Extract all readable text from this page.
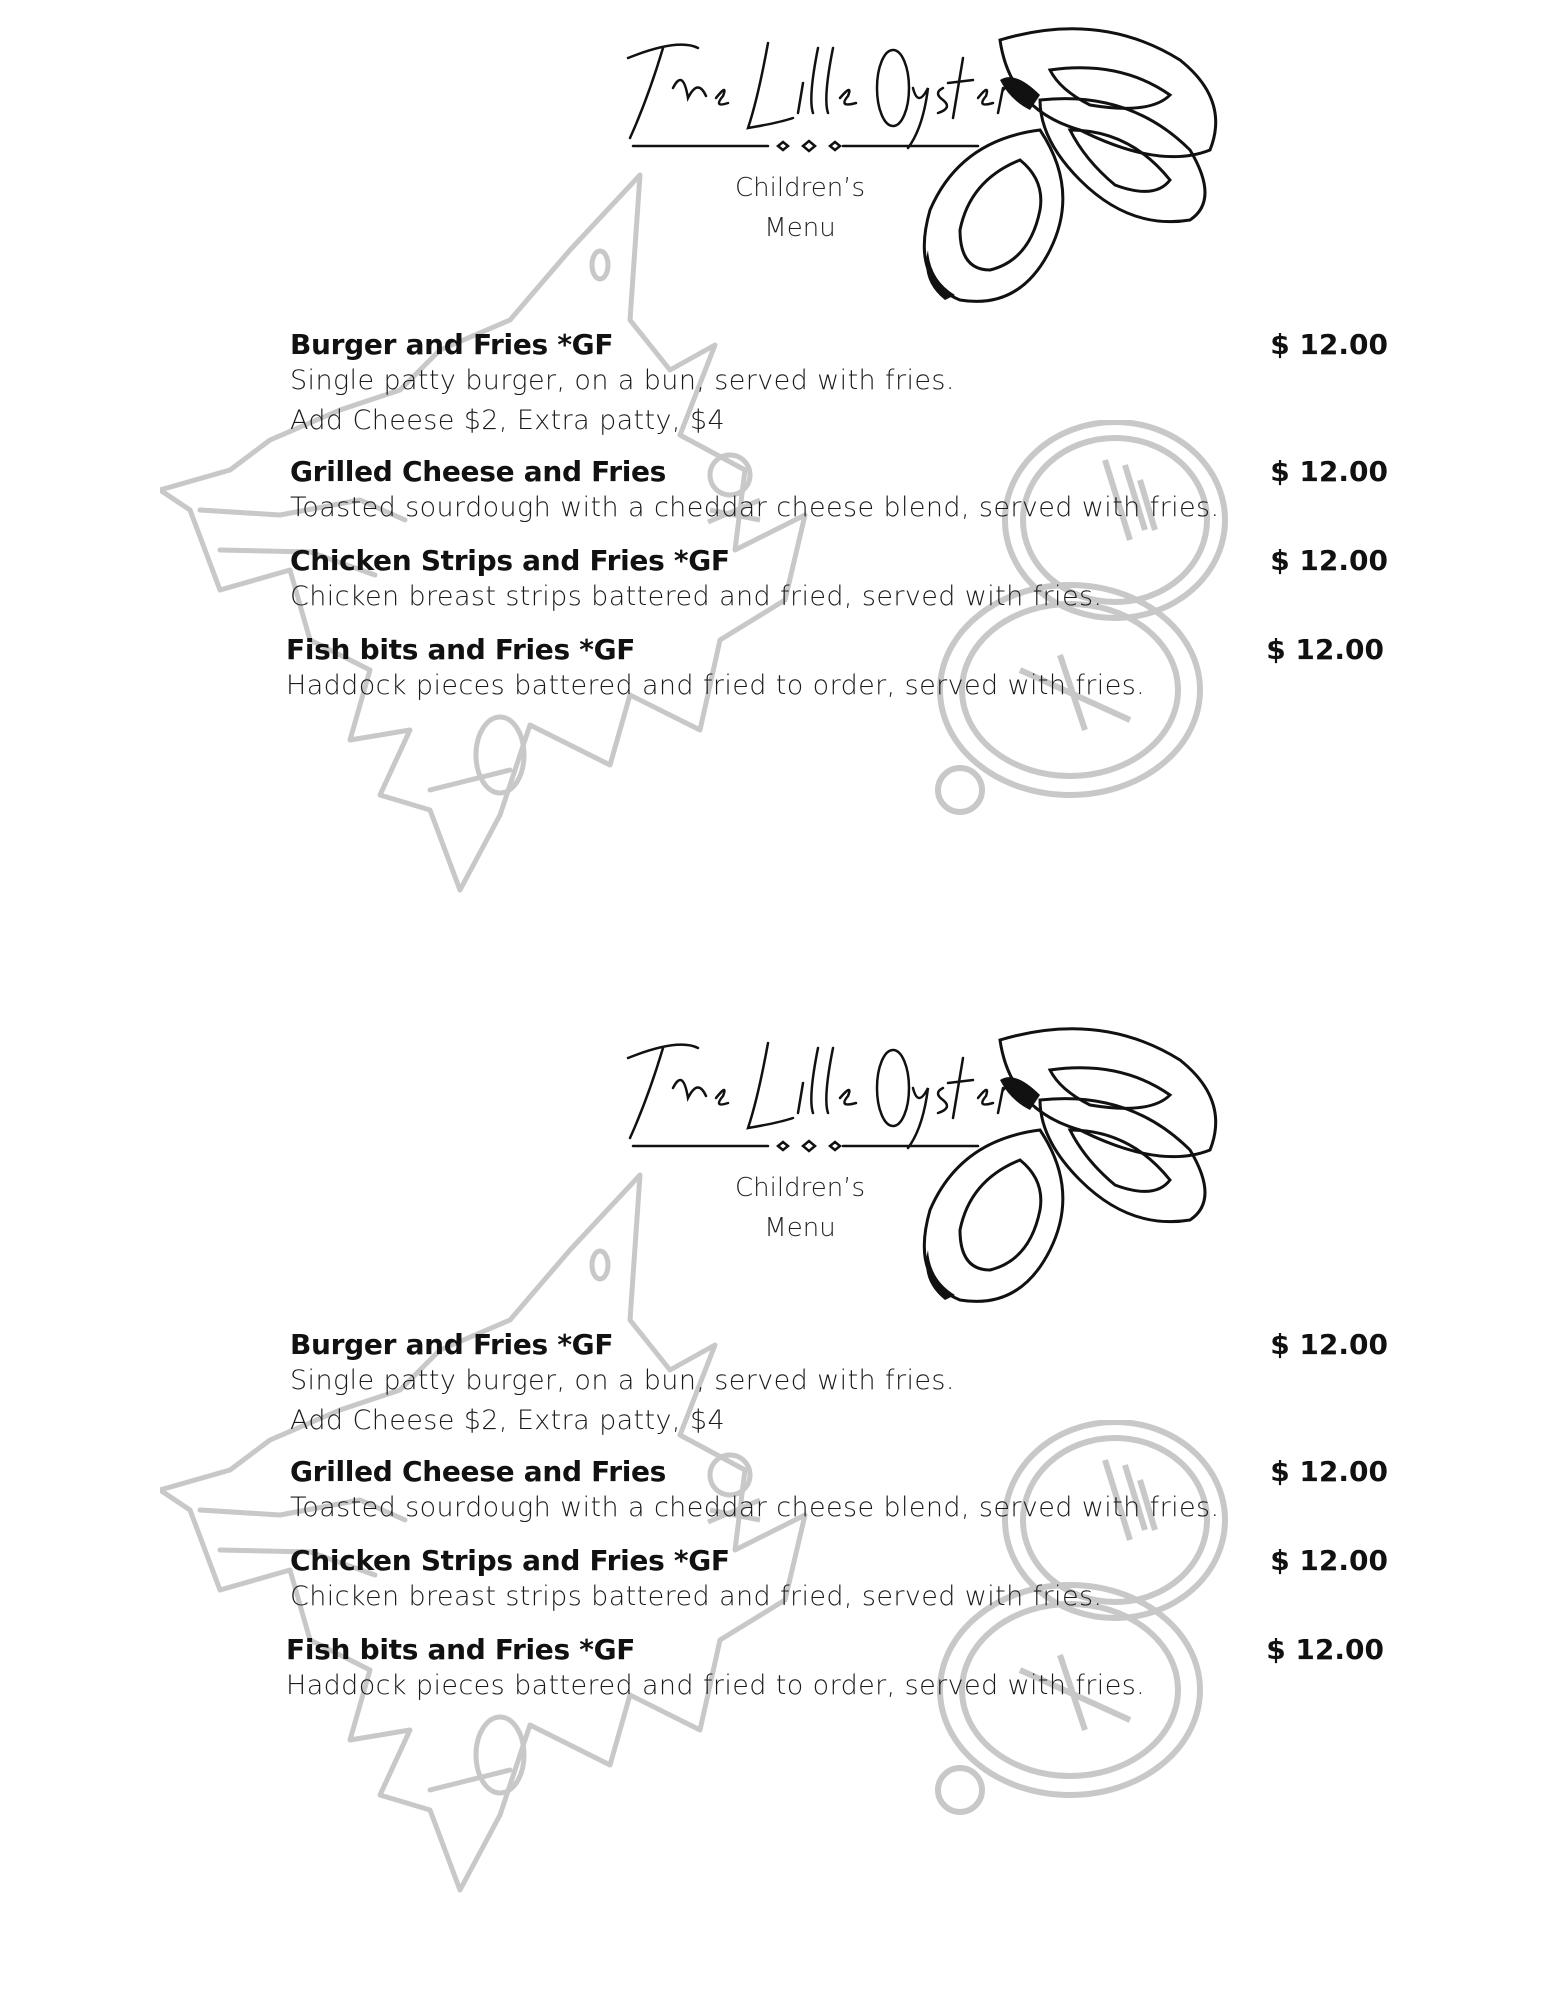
Children’s
Menu
Burger and Fries *GF	$ 12.00
Single patty burger, on a bun, served with fries.
Add Cheese $2, Extra patty, $4
Grilled Cheese and Fries	$ 12.00
Toasted sourdough with a cheddar cheese blend, served with fries.
Chicken Strips and Fries *GF	$ 12.00
Chicken breast strips battered and fried, served with fries.
Fish bits and Fries *GF	$ 12.00
Haddock pieces battered and fried to order, served with fries.
Children’s
Menu
Burger and Fries *GF	$ 12.00
Single patty burger, on a bun, served with fries.
Add Cheese $2, Extra patty, $4
Grilled Cheese and Fries	$ 12.00
Toasted sourdough with a cheddar cheese blend, served with fries.
Chicken Strips and Fries *GF	$ 12.00
Chicken breast strips battered and fried, served with fries.
Fish bits and Fries *GF	$ 12.00
Haddock pieces battered and fried to order, served with fries.
